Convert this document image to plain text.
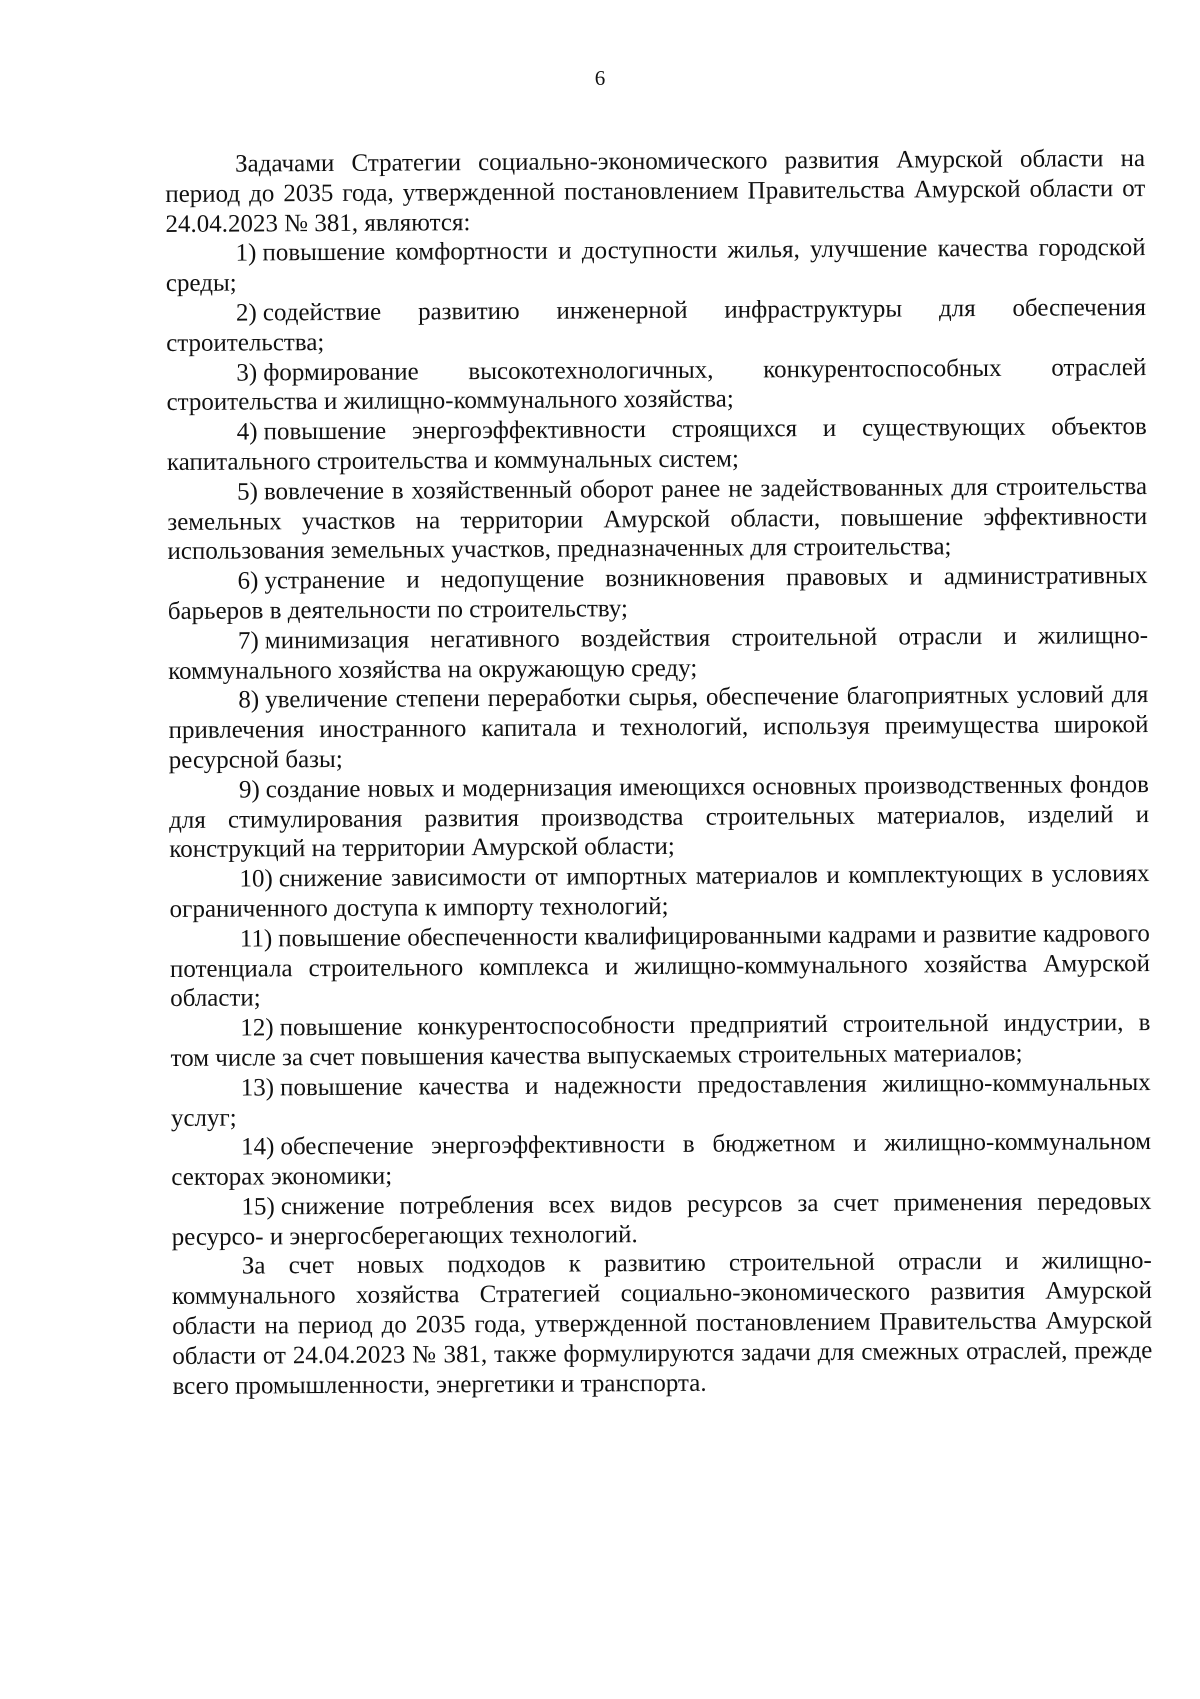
6

Задачами Стратегии социально-экономического развития Амурской области на период до 2035 года, утвержденной постановлением Правительства Амурской области от 24.04.2023 № 381, являются:

1) повышение комфортности и доступности жилья, улучшение качества городской среды;

2) содействие развитию инженерной инфраструктуры для обеспечения строительства;

3) формирование высокотехнологичных, конкурентоспособных отраслей строительства и жилищно-коммунального хозяйства;

4) повышение энергоэффективности строящихся и существующих объектов капитального строительства и коммунальных систем;

5) вовлечение в хозяйственный оборот ранее не задействованных для строительства земельных участков на территории Амурской области, повышение эффективности использования земельных участков, предназначенных для строительства;

6) устранение и недопущение возникновения правовых и административных барьеров в деятельности по строительству;

7) минимизация негативного воздействия строительной отрасли и жилищно-коммунального хозяйства на окружающую среду;

8) увеличение степени переработки сырья, обеспечение благоприятных условий для привлечения иностранного капитала и технологий, используя преимущества широкой ресурсной базы;

9) создание новых и модернизация имеющихся основных производственных фондов для стимулирования развития производства строительных материалов, изделий и конструкций на территории Амурской области;

10) снижение зависимости от импортных материалов и комплектующих в условиях ограниченного доступа к импорту технологий;

11) повышение обеспеченности квалифицированными кадрами и развитие кадрового потенциала строительного комплекса и жилищно-коммунального хозяйства Амурской области;

12) повышение конкурентоспособности предприятий строительной индустрии, в том числе за счет повышения качества выпускаемых строительных материалов;

13) повышение качества и надежности предоставления жилищно-коммунальных услуг;

14) обеспечение энергоэффективности в бюджетном и жилищно-коммунальном секторах экономики;

15) снижение потребления всех видов ресурсов за счет применения передовых ресурсо- и энергосберегающих технологий.

За счет новых подходов к развитию строительной отрасли и жилищно-коммунального хозяйства Стратегией социально-экономического развития Амурской области на период до 2035 года, утвержденной постановлением Правительства Амурской области от 24.04.2023 № 381, также формулируются задачи для смежных отраслей, прежде всего промышленности, энергетики и транспорта.
